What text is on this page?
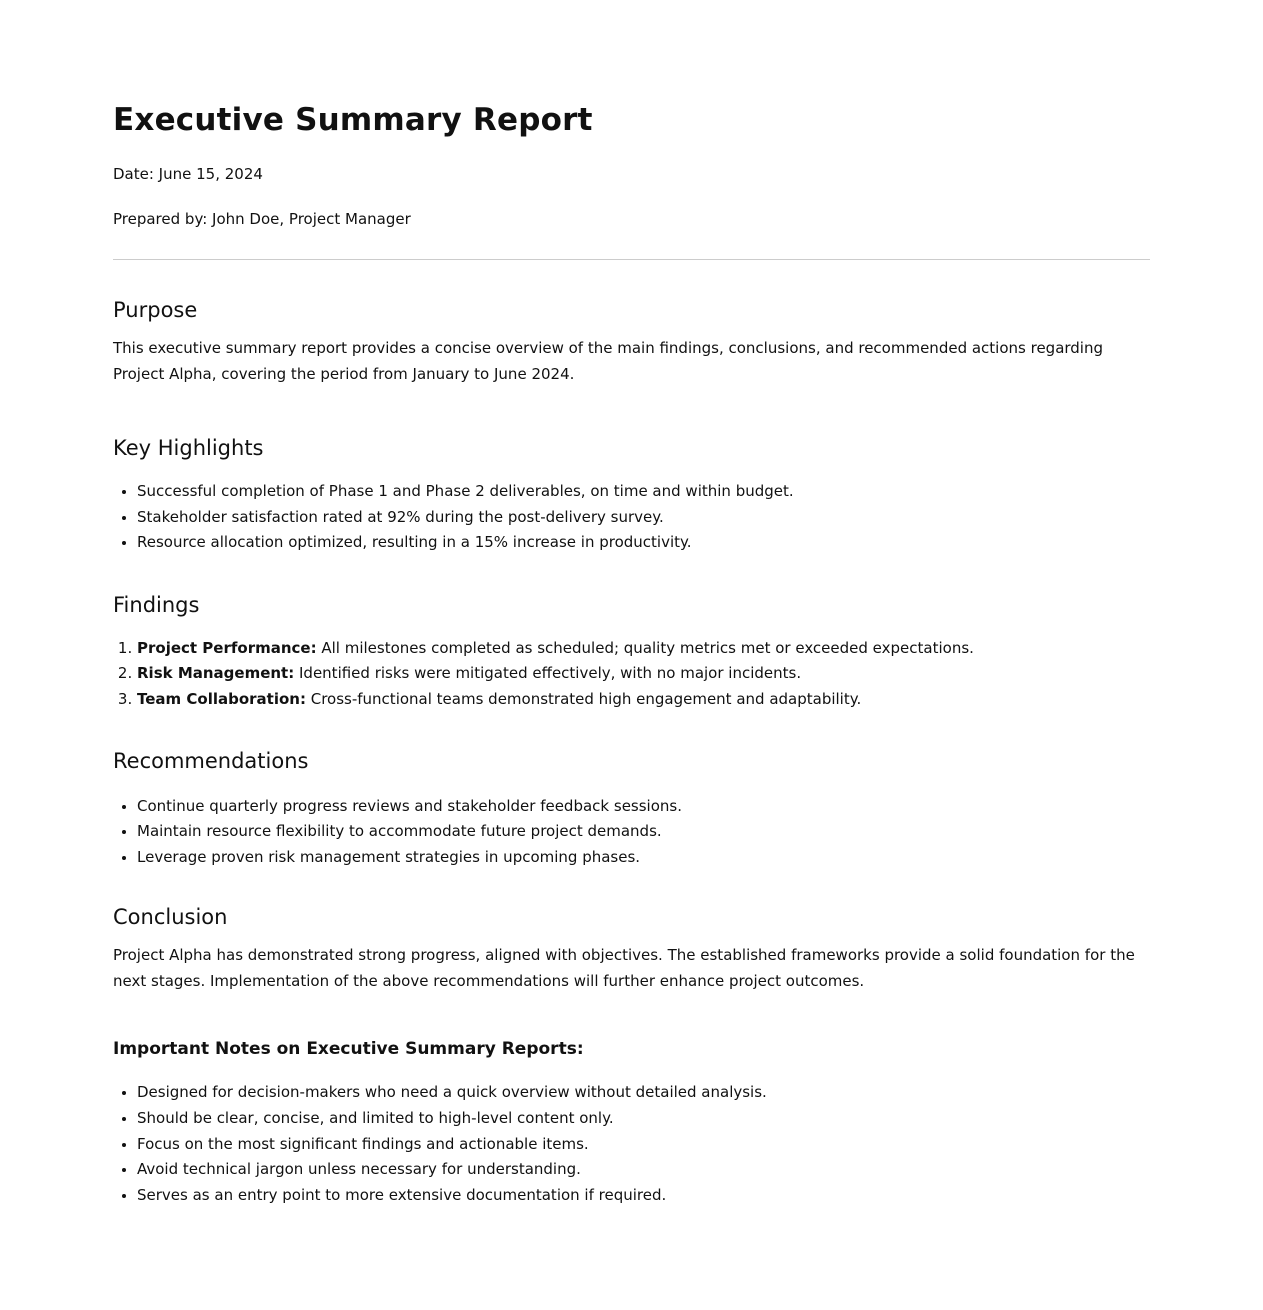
Executive Summary Report

Date: June 15, 2024

Prepared by: John Doe, Project Manager

Purpose

This executive summary report provides a concise overview of the main findings, conclusions, and recommended actions regarding Project Alpha, covering the period from January to June 2024.

Key Highlights
• Successful completion of Phase 1 and Phase 2 deliverables, on time and within budget.
• Stakeholder satisfaction rated at 92% during the post-delivery survey.
• Resource allocation optimized, resulting in a 15% increase in productivity.
Findings
1. Project Performance: All milestones completed as scheduled; quality metrics met or exceeded expectations.
2. Risk Management: Identified risks were mitigated effectively, with no major incidents.
3. Team Collaboration: Cross-functional teams demonstrated high engagement and adaptability.
Recommendations
• Continue quarterly progress reviews and stakeholder feedback sessions.
• Maintain resource flexibility to accommodate future project demands.
• Leverage proven risk management strategies in upcoming phases.
Conclusion

Project Alpha has demonstrated strong progress, aligned with objectives. The established frameworks provide a solid foundation for the next stages. Implementation of the above recommendations will further enhance project outcomes.

Important Notes on Executive Summary Reports:
• Designed for decision-makers who need a quick overview without detailed analysis.
• Should be clear, concise, and limited to high-level content only.
• Focus on the most significant findings and actionable items.
• Avoid technical jargon unless necessary for understanding.
• Serves as an entry point to more extensive documentation if required.
